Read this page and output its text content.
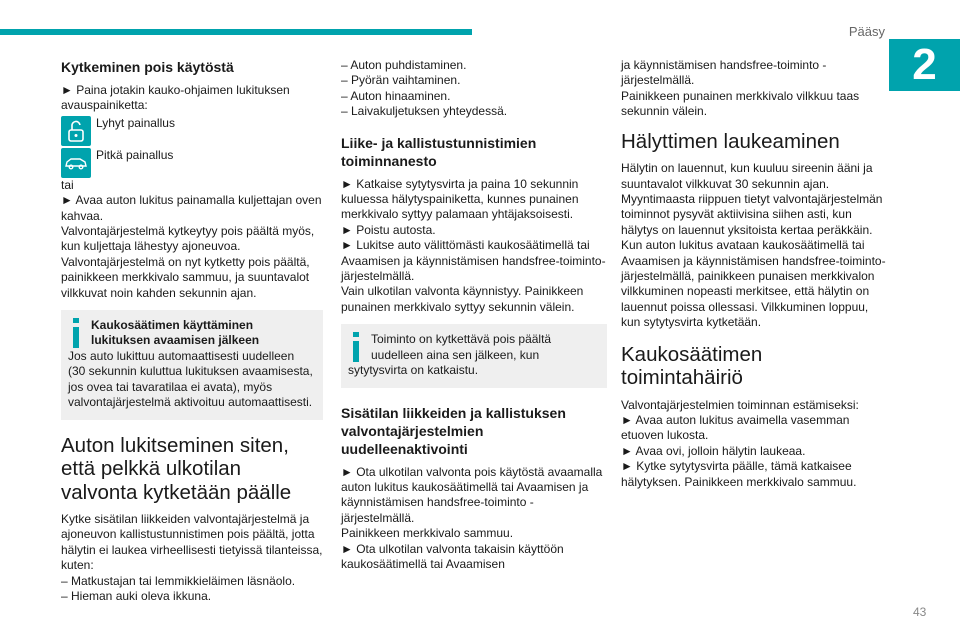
Pääsy
2
43
Kytkeminen pois käytöstä

► Paina jotakin kauko-ohjaimen lukituksen avauspainiketta:

Lyhyt painallus
Pitkä painallus

tai

► Avaa auton lukitus painamalla kuljettajan oven kahvaa.

Valvontajärjestelmä kytkeytyy pois päältä myös, kun kuljettaja lähestyy ajoneuvoa.

Valvontajärjestelmä on nyt kytketty pois päältä, painikkeen merkkivalo sammuu, ja suuntavalot vilkkuvat noin kahden sekunnin ajan.

Kaukosäätimen käyttäminen lukituksen avaamisen jälkeen
Jos auto lukittuu automaattisesti uudelleen (30 sekunnin kuluttua lukituksen avaamisesta, jos ovea tai tavaratilaa ei avata), myös valvontajärjestelmä aktivoituu automaattisesti.
Auton lukitseminen siten, että pelkkä ulkotilan valvonta kytketään päälle

Kytke sisätilan liikkeiden valvontajärjestelmä ja ajoneuvon kallistustunnistimen pois päältä, jotta hälytin ei laukea virheellisesti tietyissä tilanteissa, kuten:

– Matkustajan tai lemmikkieläimen läsnäolo.

– Hieman auki oleva ikkuna.

– Auton puhdistaminen.

– Pyörän vaihtaminen.

– Auton hinaaminen.

– Laivakuljetuksen yhteydessä.

Liike- ja kallistustunnistimien toiminnanesto

► Katkaise sytytysvirta ja paina 10 sekunnin kuluessa hälytyspainiketta, kunnes punainen merkkivalo syttyy palamaan yhtäjaksoisesti.

► Poistu autosta.

► Lukitse auto välittömästi kaukosäätimellä tai Avaamisen ja käynnistämisen handsfree-toiminto-järjestelmällä.

Vain ulkotilan valvonta käynnistyy. Painikkeen punainen merkkivalo syttyy sekunnin välein.

Toiminto on kytkettävä pois päältä uudelleen aina sen jälkeen, kun
sytytysvirta on katkaistu.
Sisätilan liikkeiden ja kallistuksen valvontajärjestelmien uudelleenaktivointi

► Ota ulkotilan valvonta pois käytöstä avaamalla auton lukitus kaukosäätimellä tai Avaamisen ja käynnistämisen handsfree-toiminto -järjestelmällä.

Painikkeen merkkivalo sammuu.

► Ota ulkotilan valvonta takaisin käyttöön kaukosäätimellä tai Avaamisen

ja käynnistämisen handsfree-toiminto -järjestelmällä.

Painikkeen punainen merkkivalo vilkkuu taas sekunnin välein.

Hälyttimen laukeaminen

Hälytin on lauennut, kun kuuluu sireenin ääni ja suuntavalot vilkkuvat 30 sekunnin ajan.

Myyntimaasta riippuen tietyt valvontajärjestelmän toiminnot pysyvät aktiivisina siihen asti, kun hälytys on lauennut yksitoista kertaa peräkkäin.

Kun auton lukitus avataan kaukosäätimellä tai Avaamisen ja käynnistämisen handsfree-toiminto-järjestelmällä, painikkeen punaisen merkkivalon vilkkuminen nopeasti merkitsee, että hälytin on lauennut poissa ollessasi. Vilkkuminen loppuu, kun sytytysvirta kytketään.

Kaukosäätimen toimintahäiriö

Valvontajärjestelmien toiminnan estämiseksi:

► Avaa auton lukitus avaimella vasemman etuoven lukosta.

► Avaa ovi, jolloin hälytin laukeaa.

► Kytke sytytysvirta päälle, tämä katkaisee hälytyksen. Painikkeen merkkivalo sammuu.
